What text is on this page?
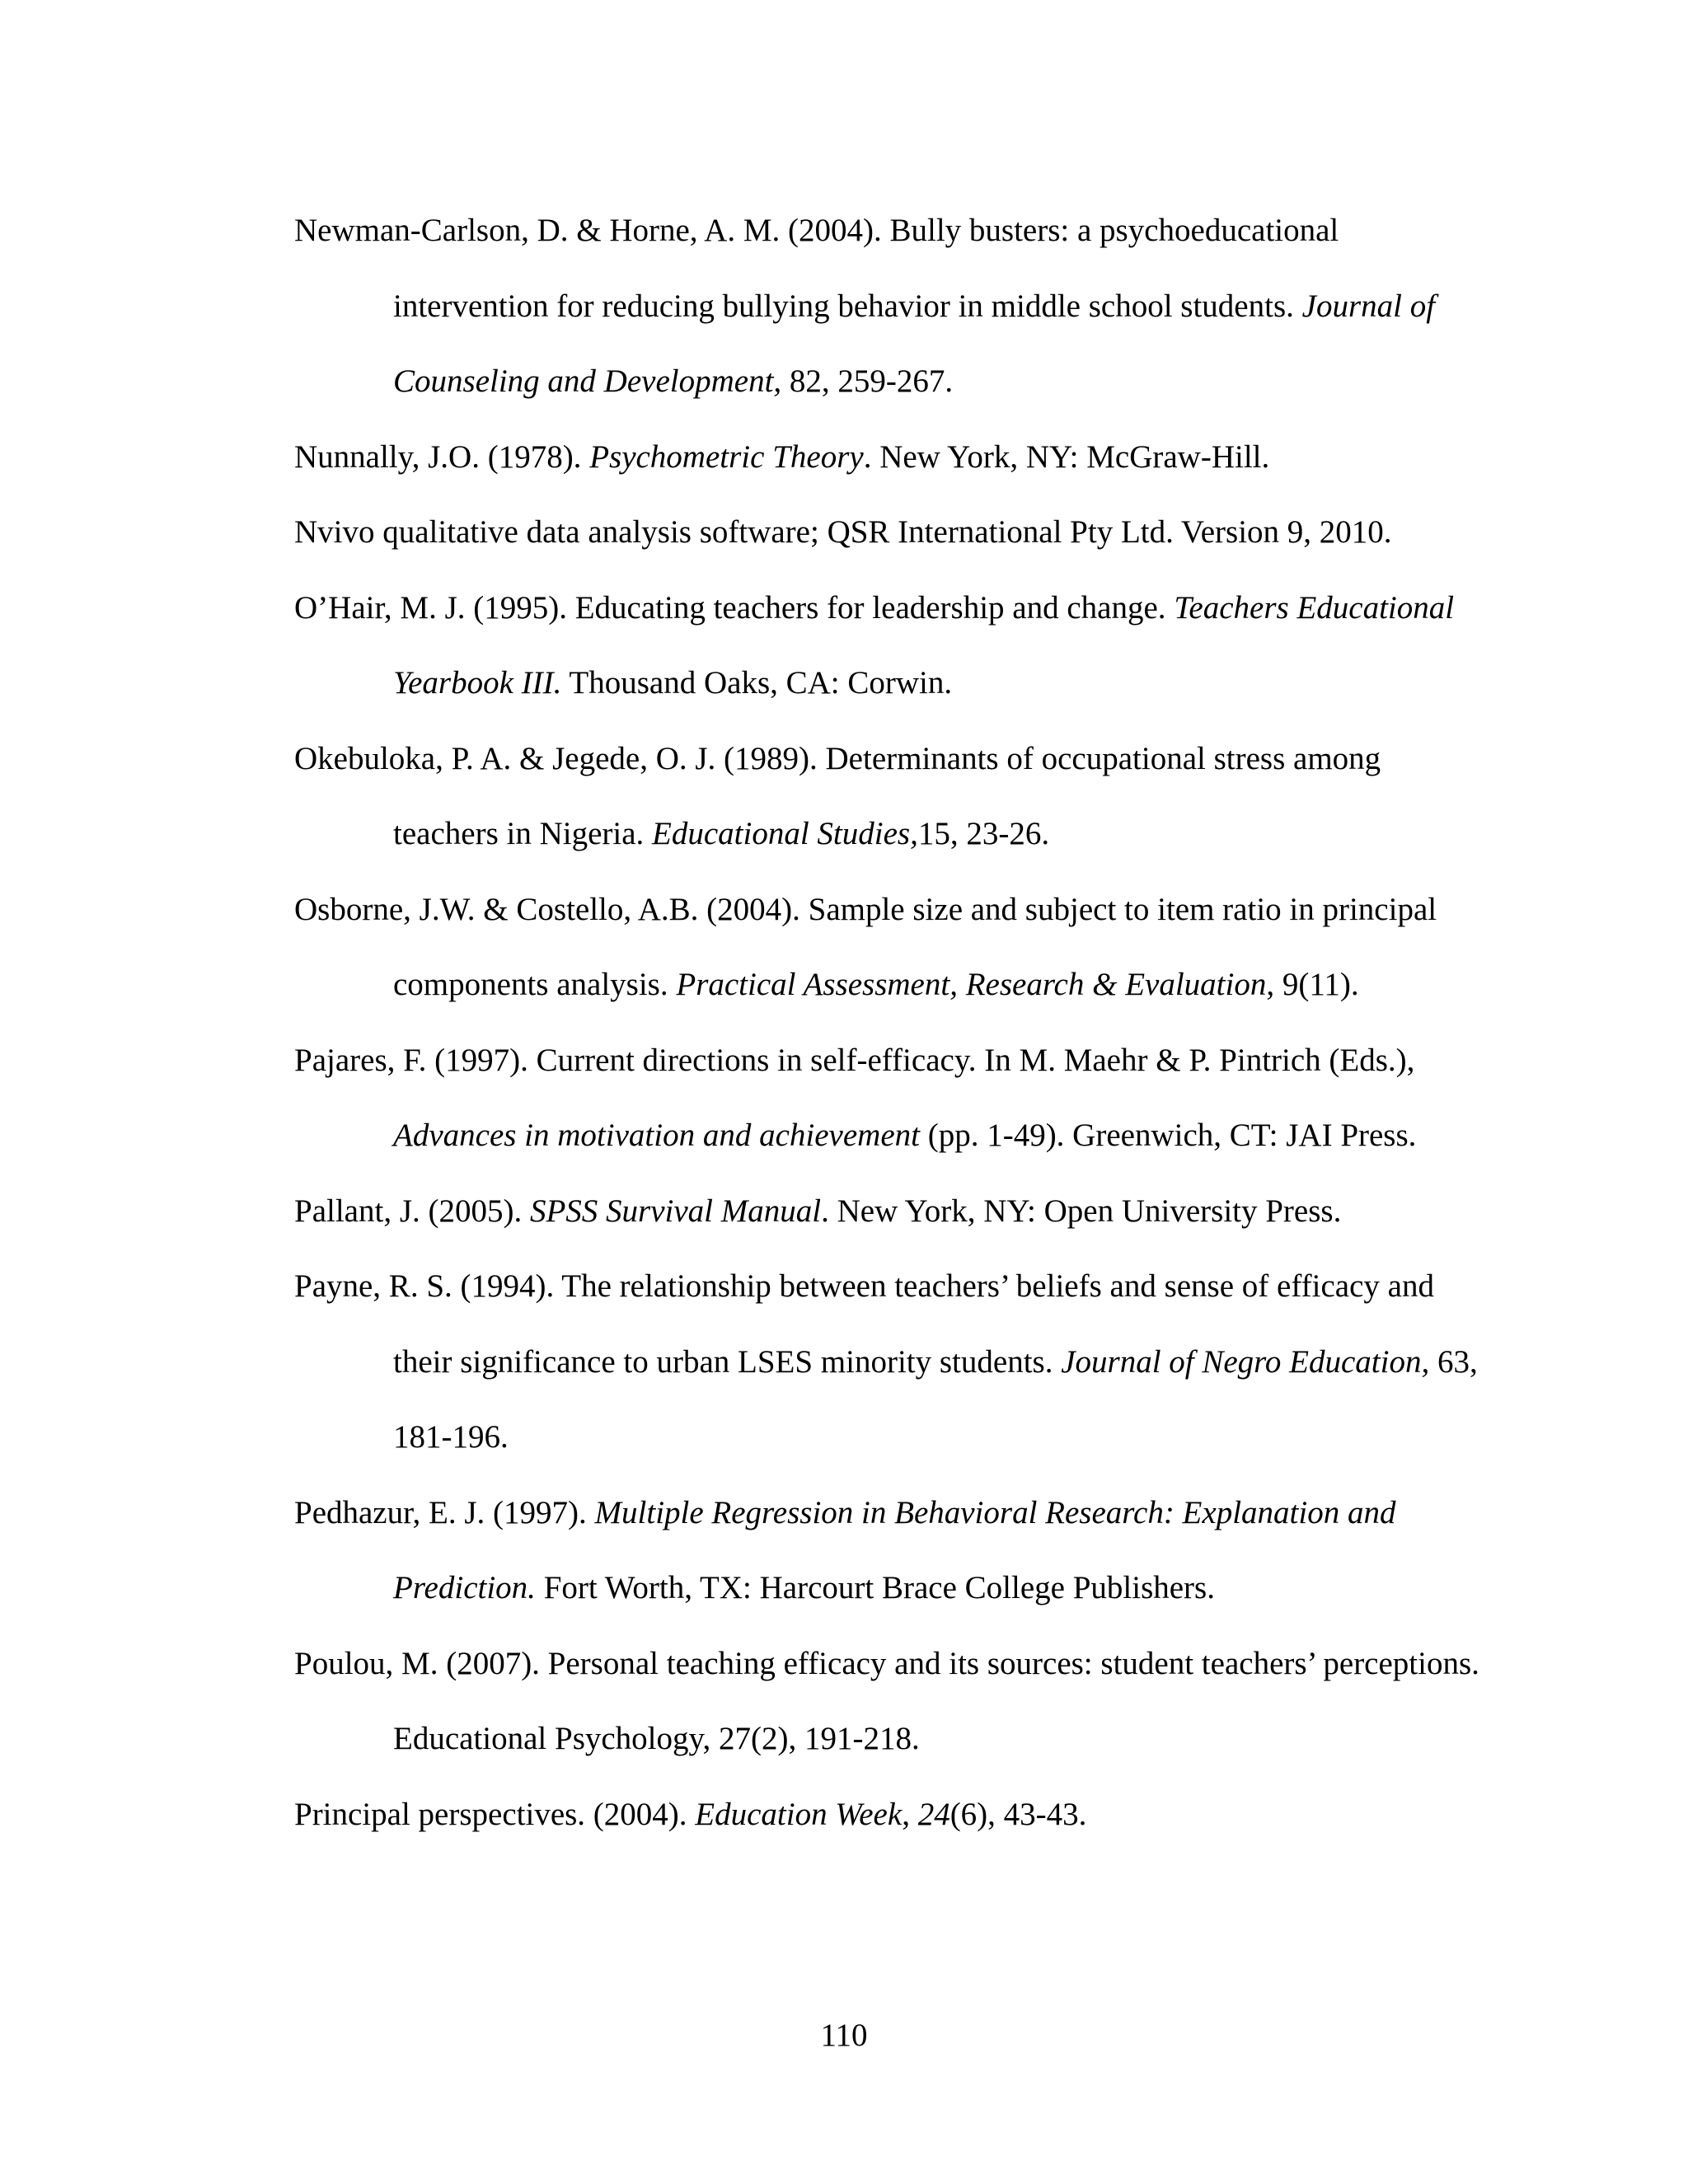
Newman-Carlson, D. & Horne, A. M. (2004). Bully busters: a psychoeducational intervention for reducing bullying behavior in middle school students. Journal of Counseling and Development, 82, 259-267.
Nunnally, J.O. (1978). Psychometric Theory. New York, NY: McGraw-Hill.
Nvivo qualitative data analysis software; QSR International Pty Ltd. Version 9, 2010.
O’Hair, M. J. (1995). Educating teachers for leadership and change. Teachers Educational Yearbook III. Thousand Oaks, CA: Corwin.
Okebuloka, P. A. & Jegede, O. J. (1989). Determinants of occupational stress among teachers in Nigeria. Educational Studies,15, 23-26.
Osborne, J.W. & Costello, A.B. (2004). Sample size and subject to item ratio in principal components analysis. Practical Assessment, Research & Evaluation, 9(11).
Pajares, F. (1997). Current directions in self-efficacy. In M. Maehr & P. Pintrich (Eds.), Advances in motivation and achievement (pp. 1-49). Greenwich, CT: JAI Press.
Pallant, J. (2005). SPSS Survival Manual. New York, NY: Open University Press.
Payne, R. S. (1994). The relationship between teachers’ beliefs and sense of efficacy and their significance to urban LSES minority students. Journal of Negro Education, 63, 181-196.
Pedhazur, E. J. (1997). Multiple Regression in Behavioral Research: Explanation and Prediction. Fort Worth, TX: Harcourt Brace College Publishers.
Poulou, M. (2007). Personal teaching efficacy and its sources: student teachers’ perceptions. Educational Psychology, 27(2), 191-218.
Principal perspectives. (2004). Education Week, 24(6), 43-43.
110
